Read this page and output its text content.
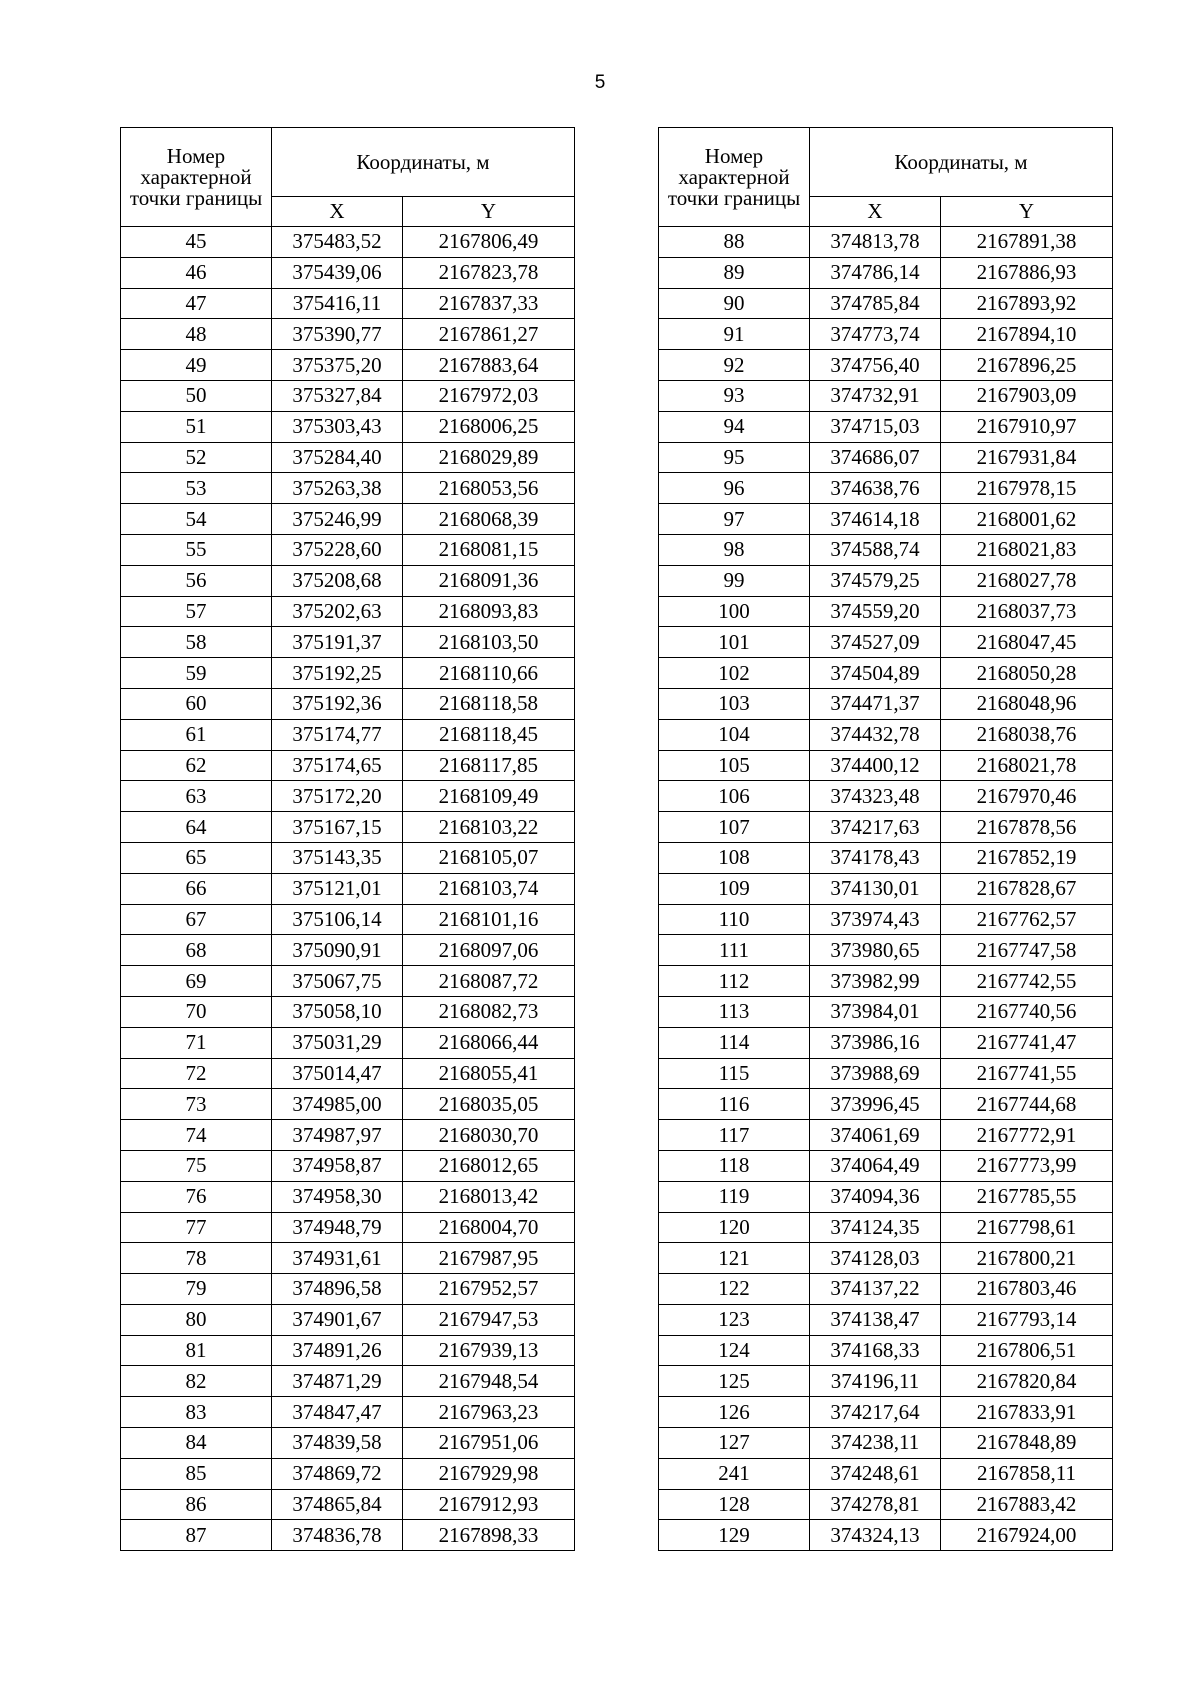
5
Номер характерной точки границы	Координаты, м	
	X	Y
45	375483,52	2167806,49
46	375439,06	2167823,78
47	375416,11	2167837,33
48	375390,77	2167861,27
49	375375,20	2167883,64
50	375327,84	2167972,03
51	375303,43	2168006,25
52	375284,40	2168029,89
53	375263,38	2168053,56
54	375246,99	2168068,39
55	375228,60	2168081,15
56	375208,68	2168091,36
57	375202,63	2168093,83
58	375191,37	2168103,50
59	375192,25	2168110,66
60	375192,36	2168118,58
61	375174,77	2168118,45
62	375174,65	2168117,85
63	375172,20	2168109,49
64	375167,15	2168103,22
65	375143,35	2168105,07
66	375121,01	2168103,74
67	375106,14	2168101,16
68	375090,91	2168097,06
69	375067,75	2168087,72
70	375058,10	2168082,73
71	375031,29	2168066,44
72	375014,47	2168055,41
73	374985,00	2168035,05
74	374987,97	2168030,70
75	374958,87	2168012,65
76	374958,30	2168013,42
77	374948,79	2168004,70
78	374931,61	2167987,95
79	374896,58	2167952,57
80	374901,67	2167947,53
81	374891,26	2167939,13
82	374871,29	2167948,54
83	374847,47	2167963,23
84	374839,58	2167951,06
85	374869,72	2167929,98
86	374865,84	2167912,93
87	374836,78	2167898,33
Номер характерной точки границы	Координаты, м	
	X	Y
88	374813,78	2167891,38
89	374786,14	2167886,93
90	374785,84	2167893,92
91	374773,74	2167894,10
92	374756,40	2167896,25
93	374732,91	2167903,09
94	374715,03	2167910,97
95	374686,07	2167931,84
96	374638,76	2167978,15
97	374614,18	2168001,62
98	374588,74	2168021,83
99	374579,25	2168027,78
100	374559,20	2168037,73
101	374527,09	2168047,45
102	374504,89	2168050,28
103	374471,37	2168048,96
104	374432,78	2168038,76
105	374400,12	2168021,78
106	374323,48	2167970,46
107	374217,63	2167878,56
108	374178,43	2167852,19
109	374130,01	2167828,67
110	373974,43	2167762,57
111	373980,65	2167747,58
112	373982,99	2167742,55
113	373984,01	2167740,56
114	373986,16	2167741,47
115	373988,69	2167741,55
116	373996,45	2167744,68
117	374061,69	2167772,91
118	374064,49	2167773,99
119	374094,36	2167785,55
120	374124,35	2167798,61
121	374128,03	2167800,21
122	374137,22	2167803,46
123	374138,47	2167793,14
124	374168,33	2167806,51
125	374196,11	2167820,84
126	374217,64	2167833,91
127	374238,11	2167848,89
241	374248,61	2167858,11
128	374278,81	2167883,42
129	374324,13	2167924,00
